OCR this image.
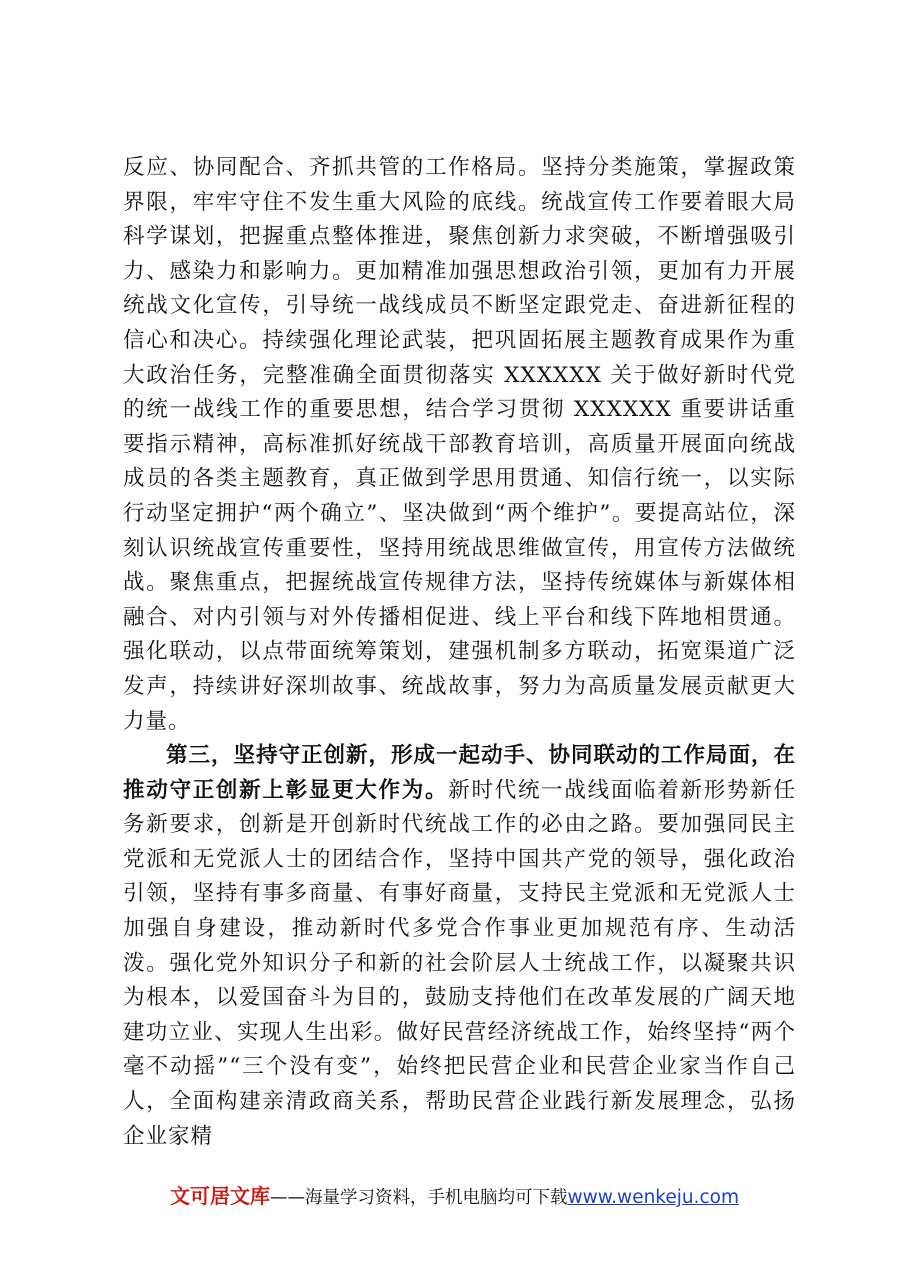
反应、协同配合、齐抓共管的工作格局。坚持分类施策，掌握政策界限，牢牢守住不发生重大风险的底线。统战宣传工作要着眼大局科学谋划，把握重点整体推进，聚焦创新力求突破，不断增强吸引力、感染力和影响力。更加精准加强思想政治引领，更加有力开展统战文化宣传，引导统一战线成员不断坚定跟党走、奋进新征程的信心和决心。持续强化理论武装，把巩固拓展主题教育成果作为重大政治任务，完整准确全面贯彻落实 XXXXXX 关于做好新时代党的统一战线工作的重要思想，结合学习贯彻 XXXXXX 重要讲话重要指示精神，高标准抓好统战干部教育培训，高质量开展面向统战成员的各类主题教育，真正做到学思用贯通、知信行统一，以实际行动坚定拥护“两个确立”、坚决做到“两个维护”。要提高站位，深刻认识统战宣传重要性，坚持用统战思维做宣传，用宣传方法做统战。聚焦重点，把握统战宣传规律方法，坚持传统媒体与新媒体相融合、对内引领与对外传播相促进、线上平台和线下阵地相贯通。强化联动，以点带面统筹策划，建强机制多方联动，拓宽渠道广泛发声，持续讲好深圳故事、统战故事，努力为高质量发展贡献更大力量。

第三，坚持守正创新，形成一起动手、协同联动的工作局面，在推动守正创新上彰显更大作为。新时代统一战线面临着新形势新任务新要求，创新是开创新时代统战工作的必由之路。要加强同民主党派和无党派人士的团结合作，坚持中国共产党的领导，强化政治引领，坚持有事多商量、有事好商量，支持民主党派和无党派人士加强自身建设，推动新时代多党合作事业更加规范有序、生动活泼。强化党外知识分子和新的社会阶层人士统战工作，以凝聚共识为根本，以爱国奋斗为目的，鼓励支持他们在改革发展的广阔天地建功立业、实现人生出彩。做好民营经济统战工作，始终坚持“两个毫不动摇”“三个没有变”，始终把民营企业和民营企业家当作自己人，全面构建亲清政商关系，帮助民营企业践行新发展理念，弘扬企业家精

文可居文库——海量学习资料，手机电脑均可下载www.wenkeju.com
